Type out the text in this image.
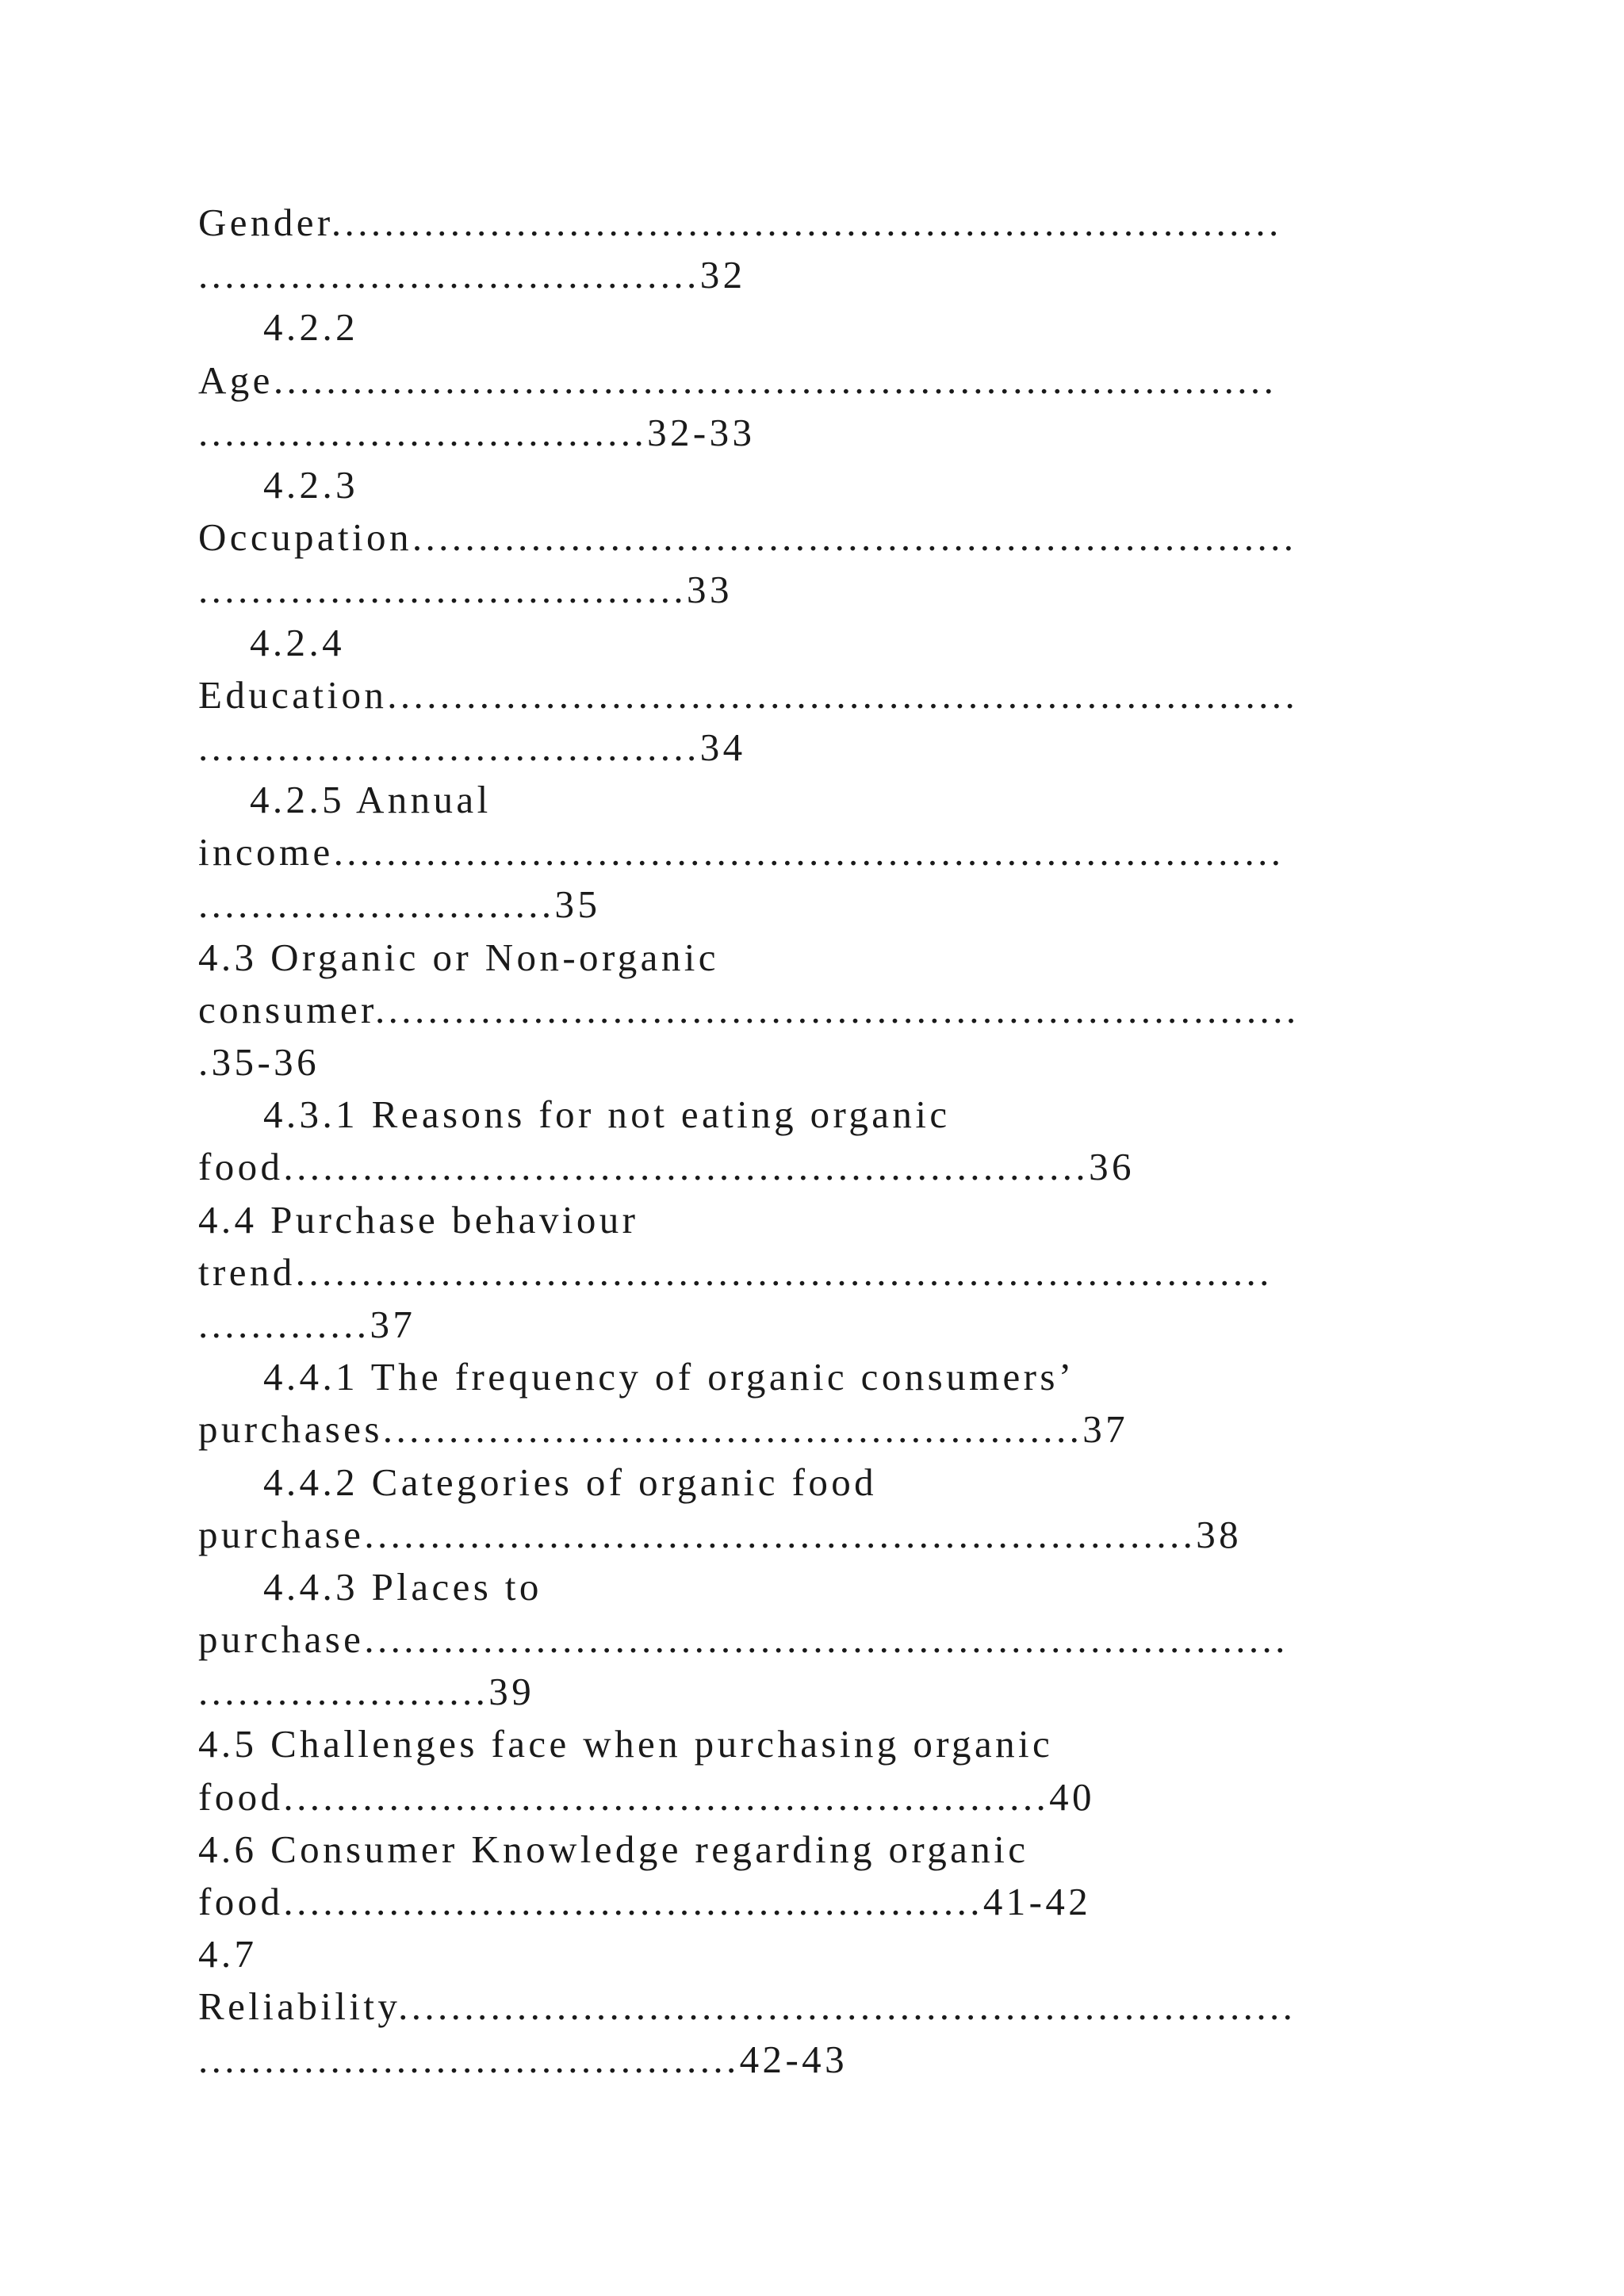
Gender........................................................................
......................................32
4.2.2
Age............................................................................
..................................32-33
4.2.3
Occupation...................................................................
.....................................33
4.2.4
Education.....................................................................
......................................34
4.2.5 Annual
income........................................................................
...........................35
4.3 Organic or Non-organic
consumer......................................................................
.35-36
4.3.1 Reasons for not eating organic
food.............................................................36
4.4 Purchase behaviour
trend..........................................................................
.............37
4.4.1 The frequency of organic consumers’
purchases.....................................................37
4.4.2 Categories of organic food
purchase...............................................................38
4.4.3 Places to
purchase......................................................................
......................39
4.5 Challenges face when purchasing organic
food..........................................................40
4.6 Consumer Knowledge regarding organic
food.....................................................41-42
4.7
Reliability....................................................................
.........................................42-43
